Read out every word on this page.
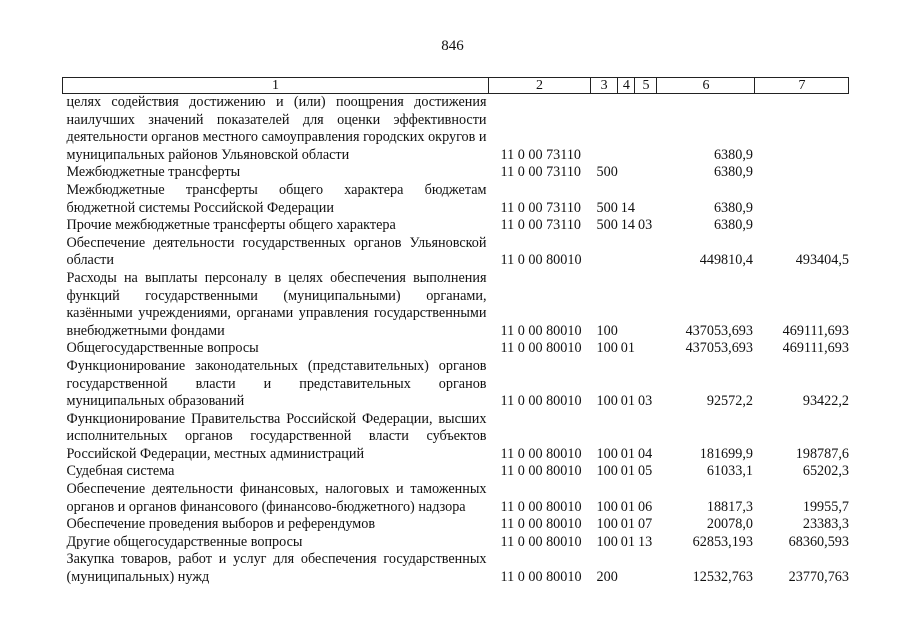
846
1	2	3	4	5	6	7
целях содействия достижению и (или) поощрения достижения наилучших значений показателей для оценки эффективности деятельности органов местного самоуправления городских округов и муниципальных районов Ульяновской области	11 0 00 73110				6380,9	
Межбюджетные трансферты	11 0 00 73110	500			6380,9	
Межбюджетные трансферты общего характера бюджетам бюджетной системы Российской Федерации	11 0 00 73110	500	14		6380,9	
Прочие межбюджетные трансферты общего характера	11 0 00 73110	500	14	03	6380,9	
Обеспечение деятельности государственных органов Ульяновской области	11 0 00 80010				449810,4	493404,5
Расходы на выплаты персоналу в целях обеспечения выполнения функций государственными (муниципальными) органами, казёнными учреждениями, органами управления государственными внебюджетными фондами	11 0 00 80010	100			437053,693	469111,693
Общегосударственные вопросы	11 0 00 80010	100	01		437053,693	469111,693
Функционирование законодательных (представительных) органов государственной власти и представительных органов муниципальных образований	11 0 00 80010	100	01	03	92572,2	93422,2
Функционирование Правительства Российской Федерации, высших исполнительных органов государственной власти субъектов Российской Федерации, местных администраций	11 0 00 80010	100	01	04	181699,9	198787,6
Судебная система	11 0 00 80010	100	01	05	61033,1	65202,3
Обеспечение деятельности финансовых, налоговых и таможенных органов и органов финансового (финансово-бюджетного) надзора	11 0 00 80010	100	01	06	18817,3	19955,7
Обеспечение проведения выборов и референдумов	11 0 00 80010	100	01	07	20078,0	23383,3
Другие общегосударственные вопросы	11 0 00 80010	100	01	13	62853,193	68360,593
Закупка товаров, работ и услуг для обеспечения государственных (муниципальных) нужд	11 0 00 80010	200			12532,763	23770,763
